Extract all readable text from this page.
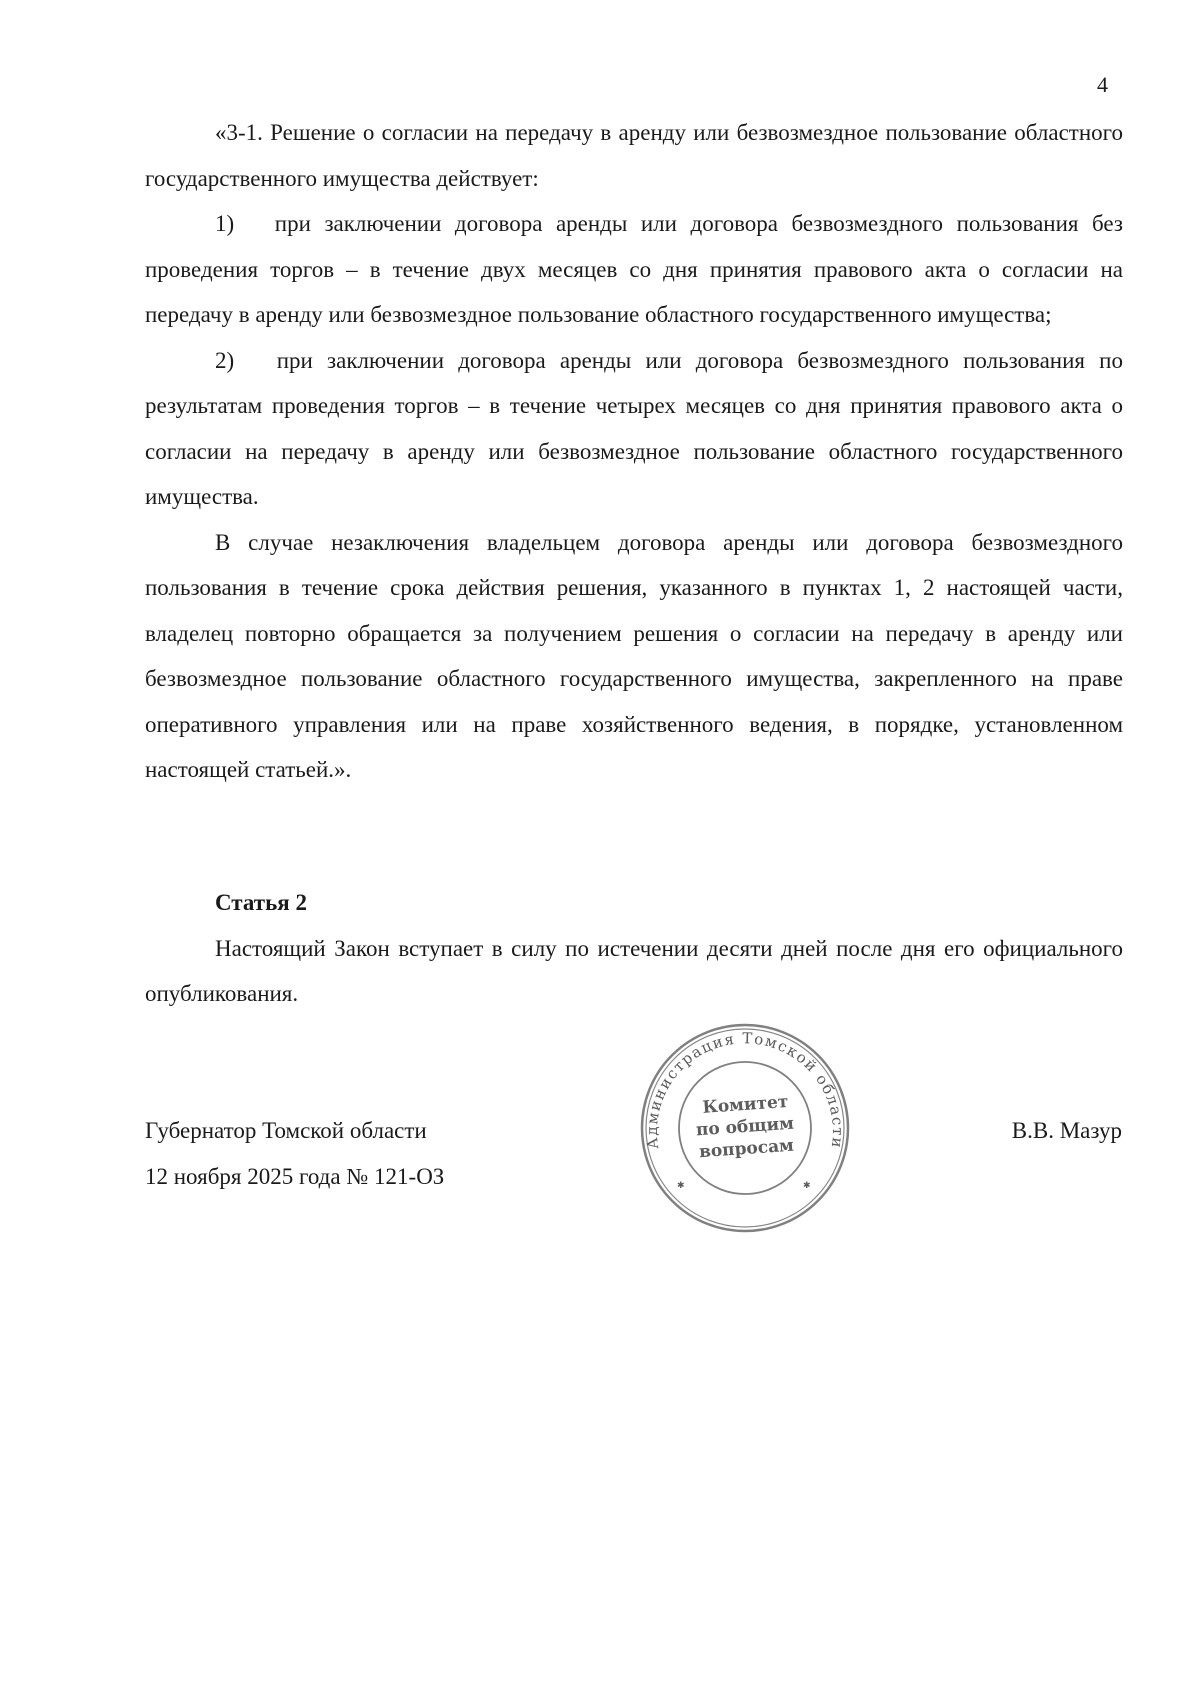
4

«3-1. Решение о согласии на передачу в аренду или безвозмездное пользование областного государственного имущества действует:

1)   при заключении договора аренды или договора безвозмездного пользования без проведения торгов – в течение двух месяцев со дня принятия правового акта о согласии на передачу в аренду или безвозмездное пользование областного государственного имущества;

2)   при заключении договора аренды или договора безвозмездного пользования по результатам проведения торгов – в течение четырех месяцев со дня принятия правового акта о согласии на передачу в аренду или безвозмездное пользование областного государственного имущества.

В случае незаключения владельцем договора аренды или договора безвозмездного пользования в течение срока действия решения, указанного в пунктах 1, 2 настоящей части, владелец повторно обращается за получением решения о согласии на передачу в аренду или безвозмездное пользование областного государственного имущества, закрепленного на праве оперативного управления или на праве хозяйственного ведения, в порядке, установленном настоящей статьей.».

Статья 2

Настоящий Закон вступает в силу по истечении десяти дней после дня его официального опубликования.

Губернатор Томской области
12 ноября 2025 года № 121-ОЗ
В.В. Мазур
Администрация Томской области
✱	✱
Комитет
по общим
вопросам
